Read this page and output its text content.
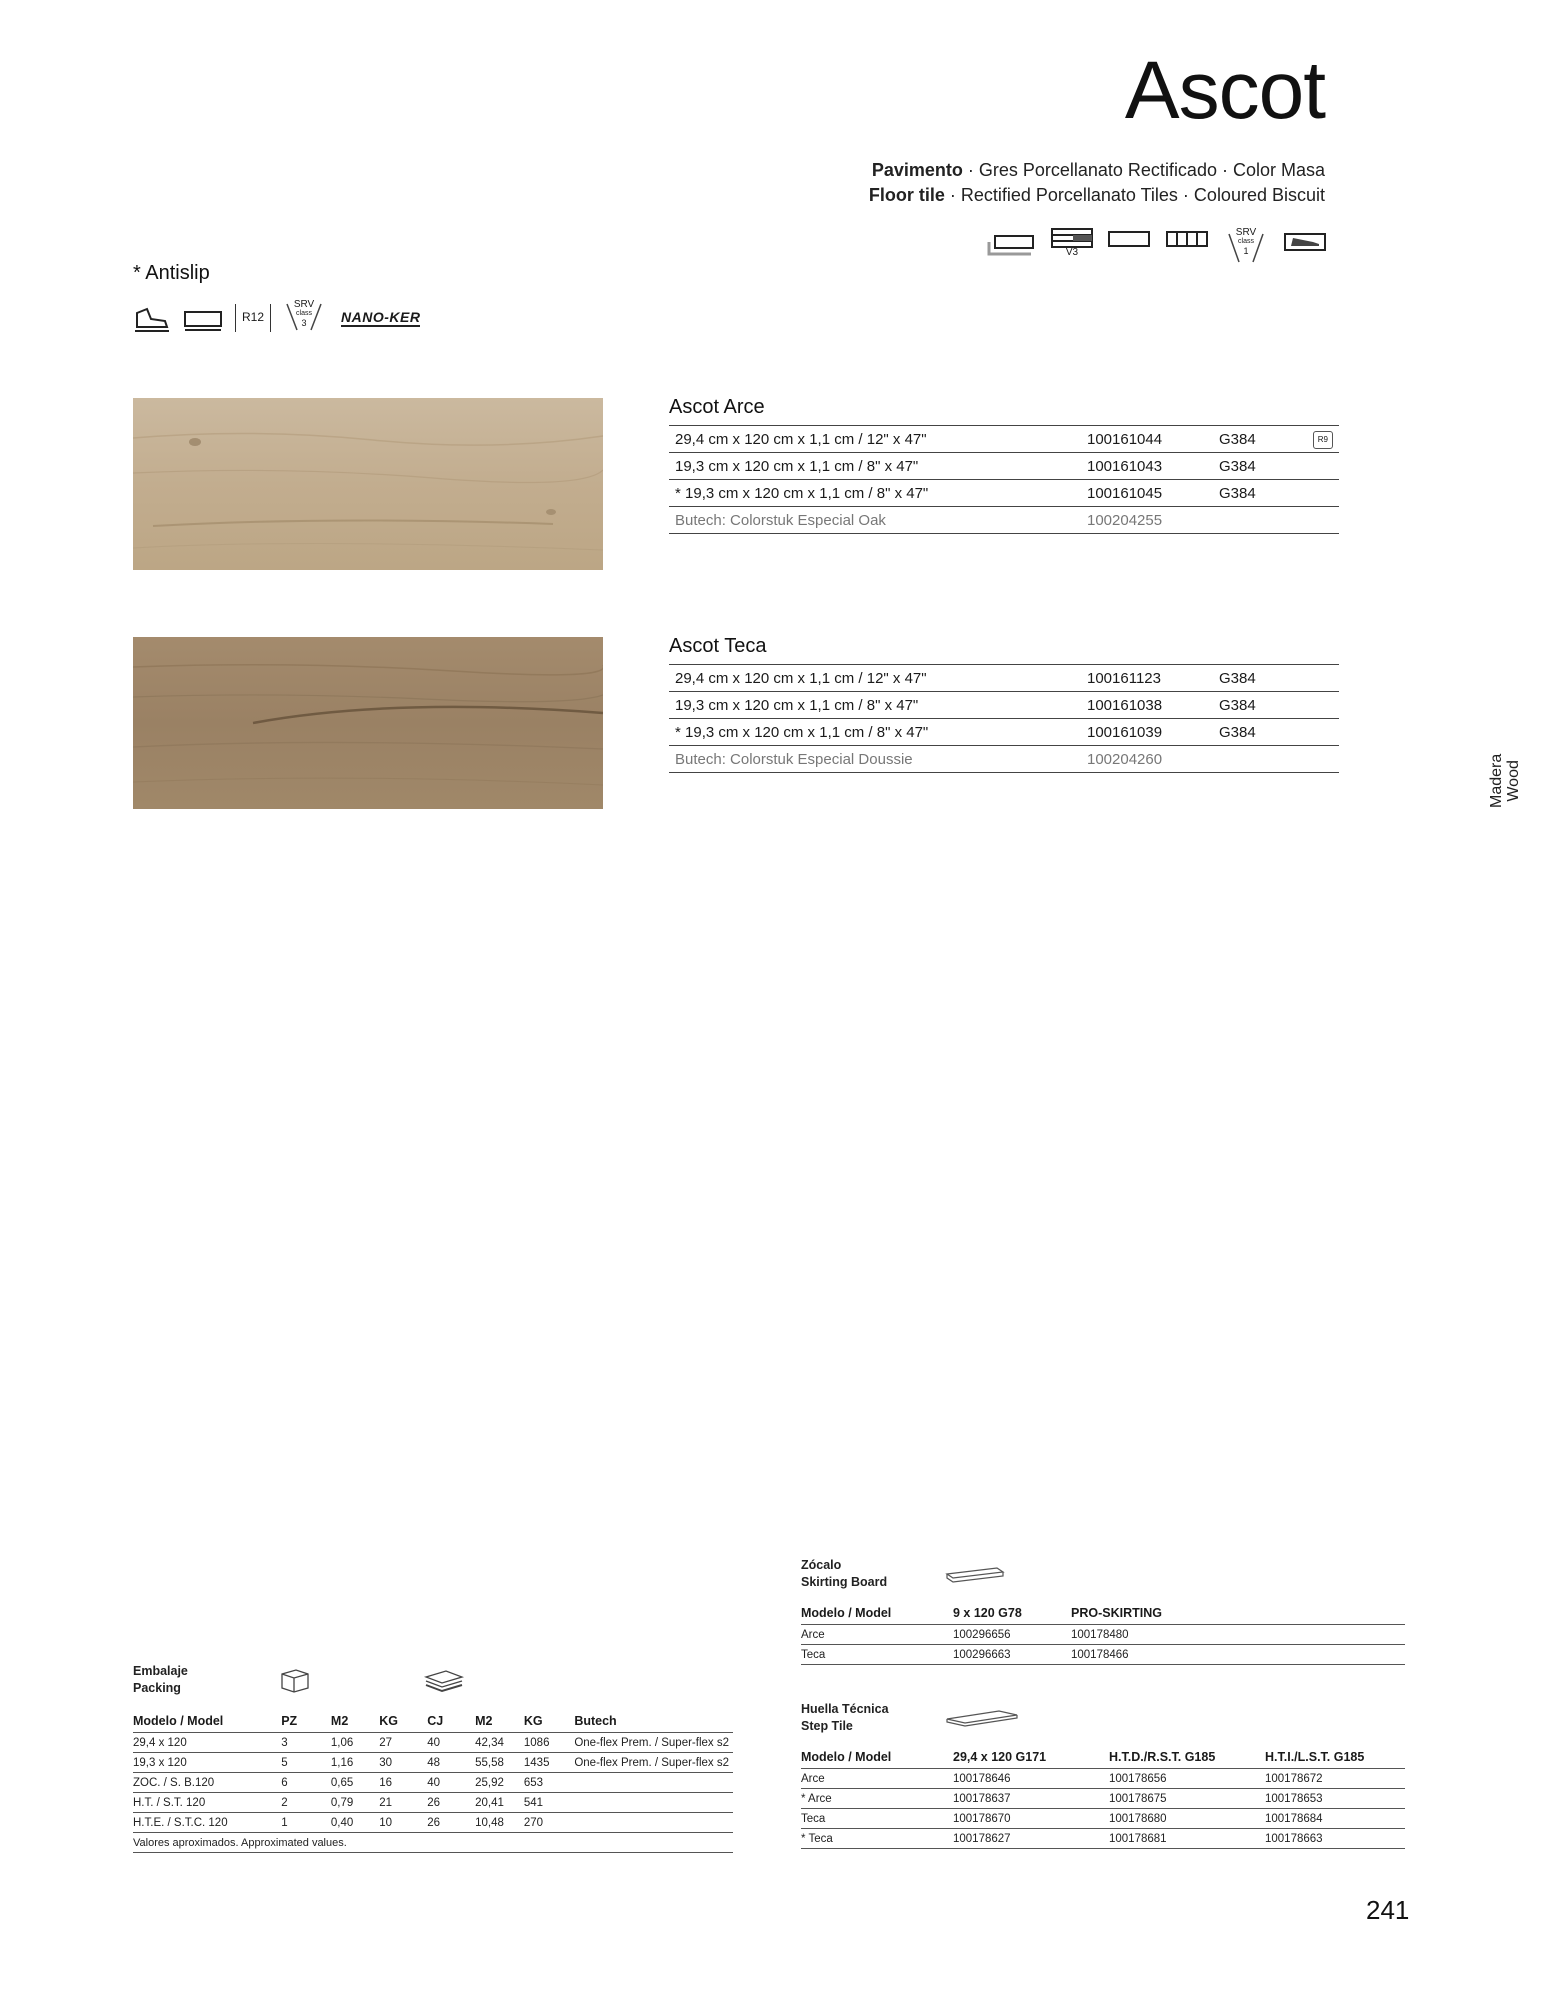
Ascot
Pavimento · Gres Porcellanato Rectificado · Color Masa
Floor tile · Rectified Porcellanato Tiles · Coloured Biscuit
V3
SRV
class
1
* Antislip
R12
SRV
class
3	NANO-KER
Ascot Arce
29,4 cm x 120 cm x 1,1 cm / 12" x 47"	100161044	G384	R9
19,3 cm x 120 cm x 1,1 cm / 8" x 47"	100161043	G384	
* 19,3 cm x 120 cm x 1,1 cm / 8" x 47"	100161045	G384	
Butech: Colorstuk Especial Oak	100204255		
Ascot Teca
29,4 cm x 120 cm x 1,1 cm / 12" x 47"	100161123	G384	
19,3 cm x 120 cm x 1,1 cm / 8" x 47"	100161038	G384	
* 19,3 cm x 120 cm x 1,1 cm / 8" x 47"	100161039	G384	
Butech: Colorstuk Especial Doussie	100204260			Madera Wood
Embalaje
Packing
Modelo / Model	PZ	M2	KG	CJ	M2	KG	Butech
29,4 x 120	3	1,06	27	40	42,34	1086	One-flex Prem. / Super-flex s2
19,3 x 120	5	1,16	30	48	55,58	1435	One-flex Prem. / Super-flex s2
ZOC. / S. B.120	6	0,65	16	40	25,92	653	
H.T. / S.T. 120	2	0,79	21	26	20,41	541	
H.T.E. / S.T.C. 120	1	0,40	10	26	10,48	270	
Valores aproximados. Approximated values.							
Zócalo
Skirting Board
Modelo / Model	9 x 120 G78	PRO-SKIRTING
Arce	100296656	100178480
Teca	100296663	100178466
Huella Técnica
Step Tile
Modelo / Model	29,4 x 120 G171	H.T.D./R.S.T. G185	H.T.I./L.S.T. G185
Arce	100178646	100178656	100178672
* Arce	100178637	100178675	100178653
Teca	100178670	100178680	100178684
* Teca	100178627	100178681	100178663
241
